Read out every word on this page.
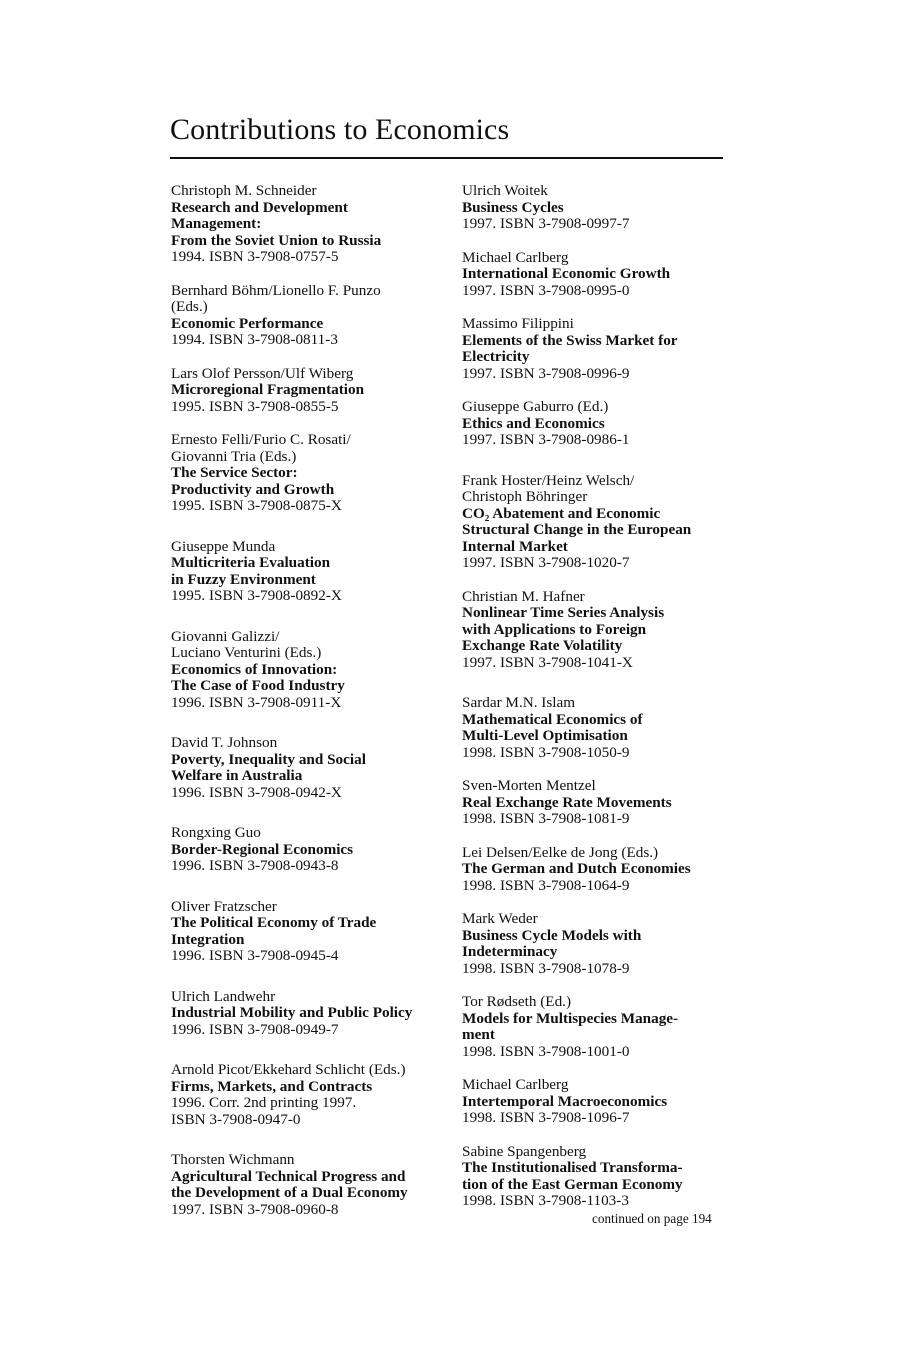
Contributions to Economics
Christoph M. Schneider
Research and Development
Management:
From the Soviet Union to Russia
1994. ISBN 3-7908-0757-5
Bernhard Böhm/Lionello F. Punzo
(Eds.)
Economic Performance
1994. ISBN 3-7908-0811-3
Lars Olof Persson/Ulf Wiberg
Microregional Fragmentation
1995. ISBN 3-7908-0855-5
Ernesto Felli/Furio C. Rosati/
Giovanni Tria (Eds.)
The Service Sector:
Productivity and Growth
1995. ISBN 3-7908-0875-X
Giuseppe Munda
Multicriteria Evaluation
in Fuzzy Environment
1995. ISBN 3-7908-0892-X
Giovanni Galizzi/
Luciano Venturini (Eds.)
Economics of Innovation:
The Case of Food Industry
1996. ISBN 3-7908-0911-X
David T. Johnson
Poverty, Inequality and Social
Welfare in Australia
1996. ISBN 3-7908-0942-X
Rongxing Guo
Border-Regional Economics
1996. ISBN 3-7908-0943-8
Oliver Fratzscher
The Political Economy of Trade
Integration
1996. ISBN 3-7908-0945-4
Ulrich Landwehr
Industrial Mobility and Public Policy
1996. ISBN 3-7908-0949-7
Arnold Picot/Ekkehard Schlicht (Eds.)
Firms, Markets, and Contracts
1996. Corr. 2nd printing 1997.
ISBN 3-7908-0947-0
Thorsten Wichmann
Agricultural Technical Progress and
the Development of a Dual Economy
1997. ISBN 3-7908-0960-8
Ulrich Woitek
Business Cycles
1997. ISBN 3-7908-0997-7
Michael Carlberg
International Economic Growth
1997. ISBN 3-7908-0995-0
Massimo Filippini
Elements of the Swiss Market for
Electricity
1997. ISBN 3-7908-0996-9
Giuseppe Gaburro (Ed.)
Ethics and Economics
1997. ISBN 3-7908-0986-1
Frank Hoster/Heinz Welsch/
Christoph Böhringer
CO₂ Abatement and Economic
Structural Change in the European
Internal Market
1997. ISBN 3-7908-1020-7
Christian M. Hafner
Nonlinear Time Series Analysis
with Applications to Foreign
Exchange Rate Volatility
1997. ISBN 3-7908-1041-X
Sardar M.N. Islam
Mathematical Economics of
Multi-Level Optimisation
1998. ISBN 3-7908-1050-9
Sven-Morten Mentzel
Real Exchange Rate Movements
1998. ISBN 3-7908-1081-9
Lei Delsen/Eelke de Jong (Eds.)
The German and Dutch Economies
1998. ISBN 3-7908-1064-9
Mark Weder
Business Cycle Models with
Indeterminacy
1998. ISBN 3-7908-1078-9
Tor Rødseth (Ed.)
Models for Multispecies Manage-
ment
1998. ISBN 3-7908-1001-0
Michael Carlberg
Intertemporal Macroeconomics
1998. ISBN 3-7908-1096-7
Sabine Spangenberg
The Institutionalised Transforma-
tion of the East German Economy
1998. ISBN 3-7908-1103-3
continued on page 194
